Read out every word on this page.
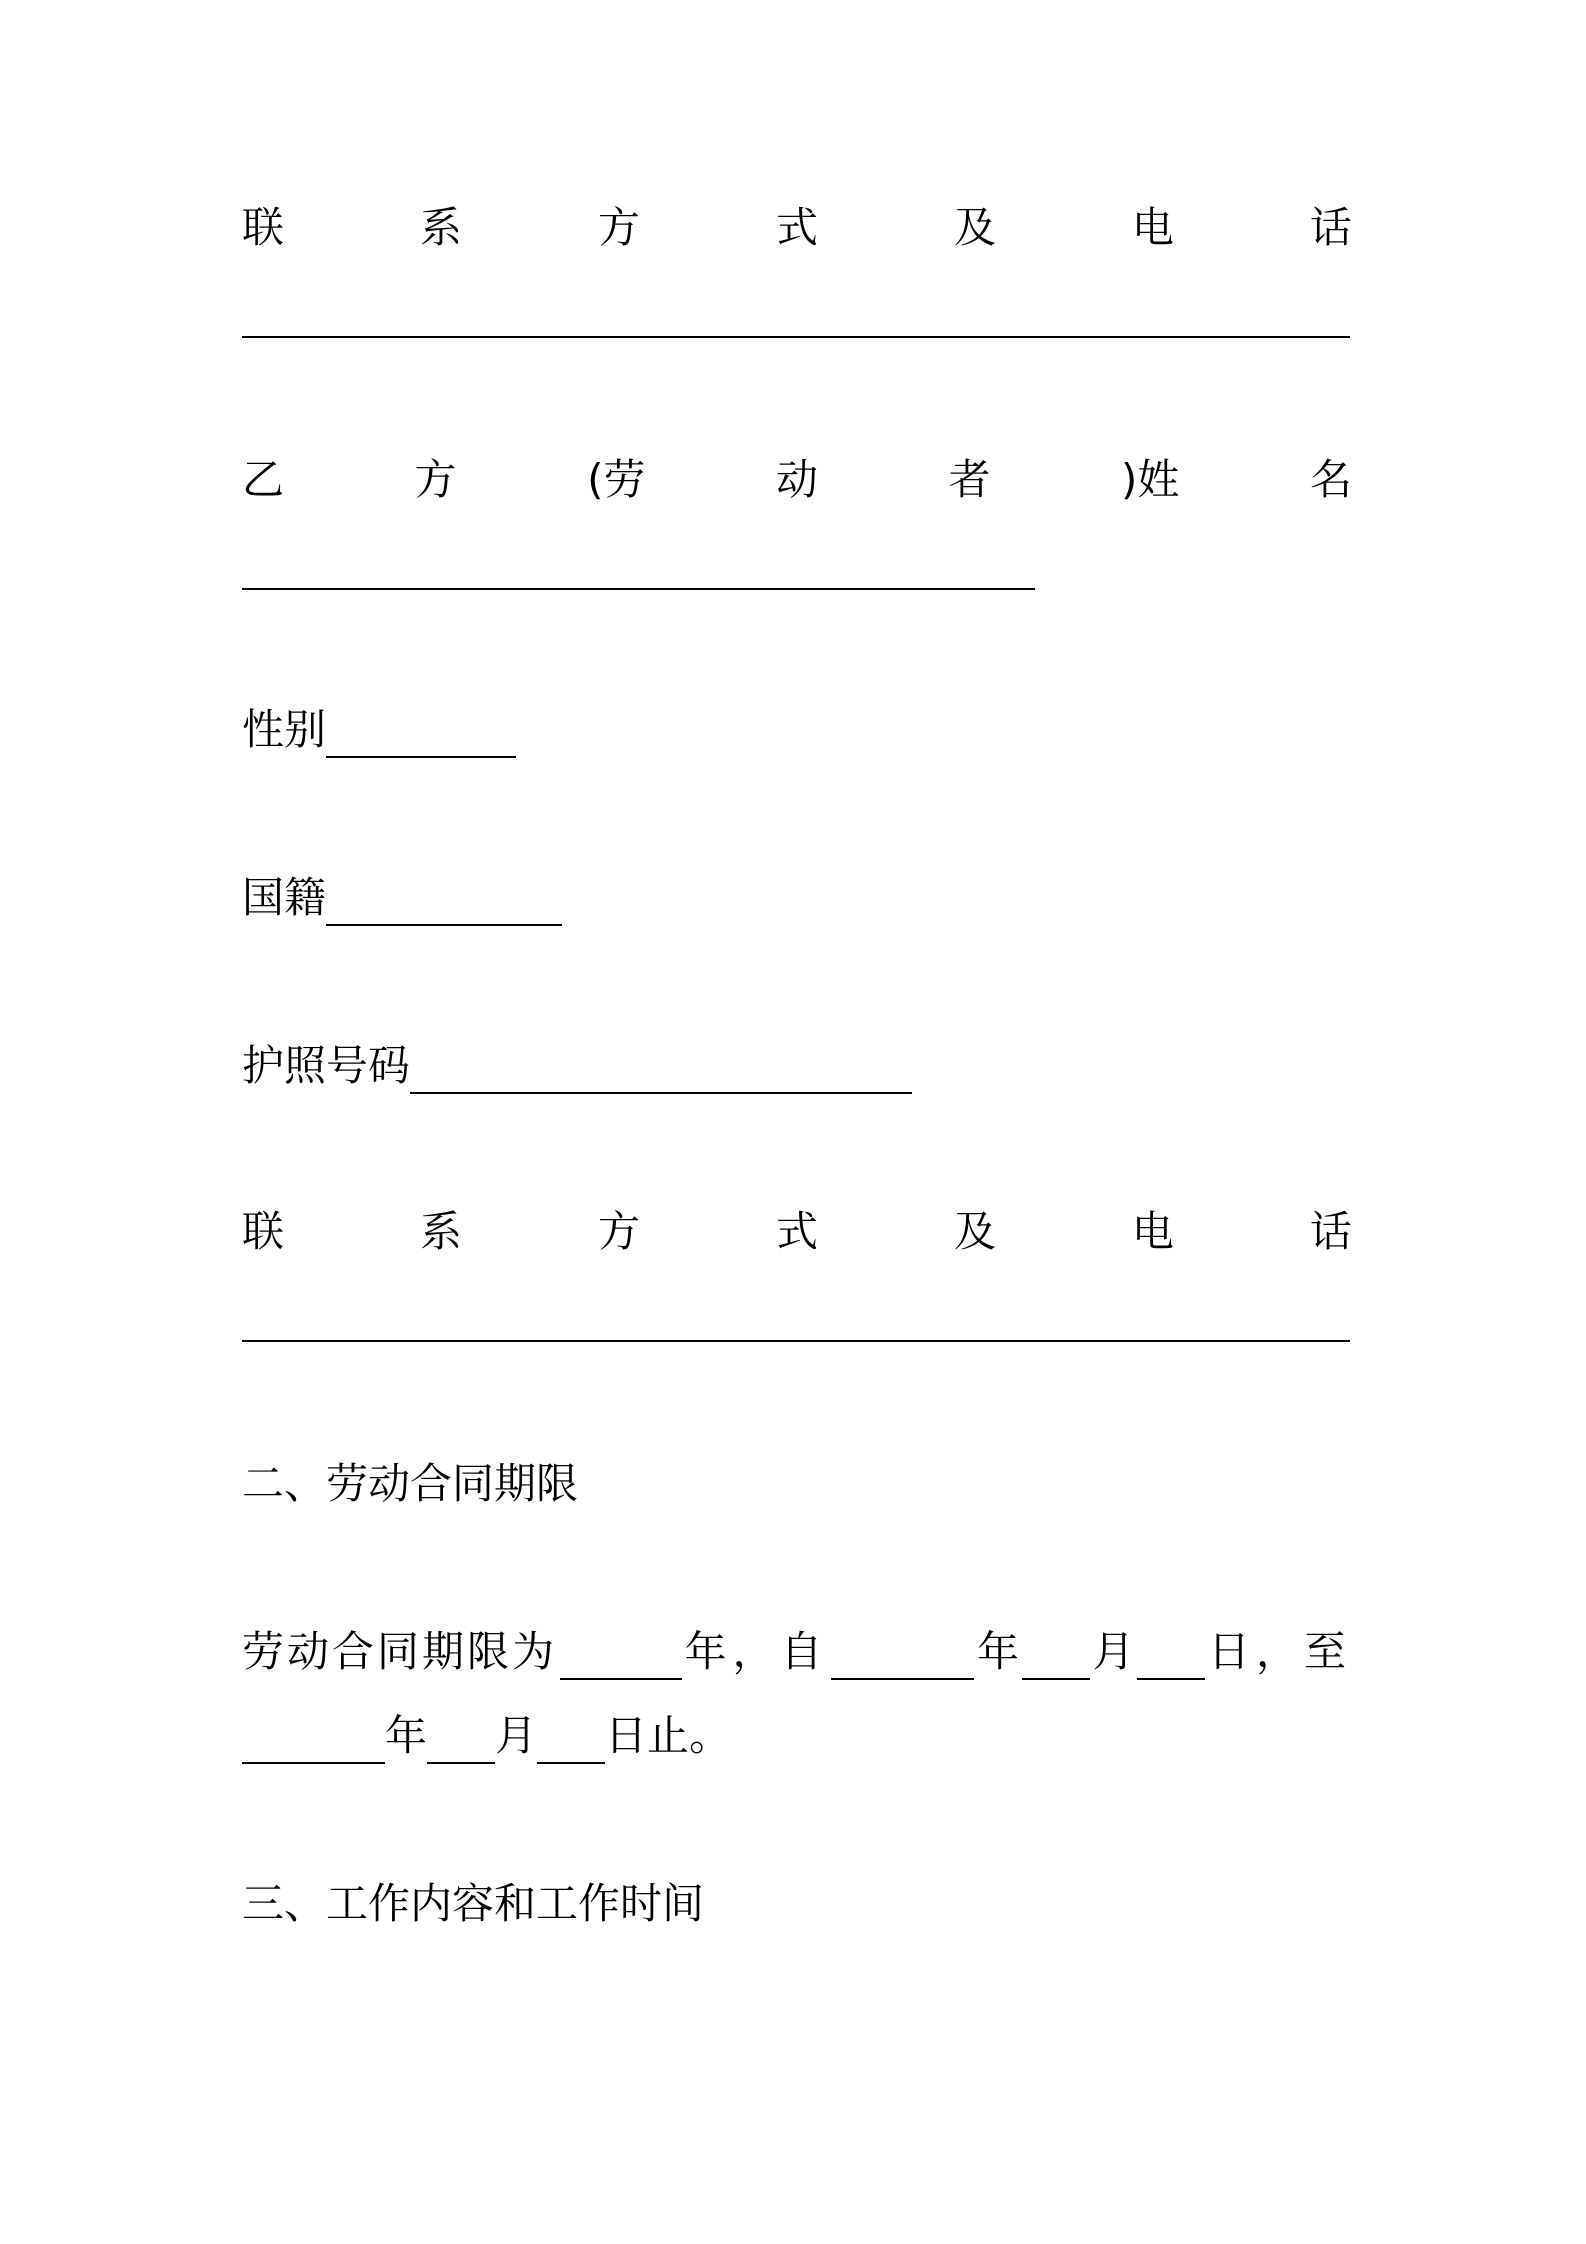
联	系	方	式	及	电	话
乙	方	(劳	动	者	)姓	名
性别
国籍
护照号码
联	系	方	式	及	电	话
二、劳动合同期限
劳动合同期限为	年，自	年 月 日，至
年 月 日止。
三、工作内容和工作时间
